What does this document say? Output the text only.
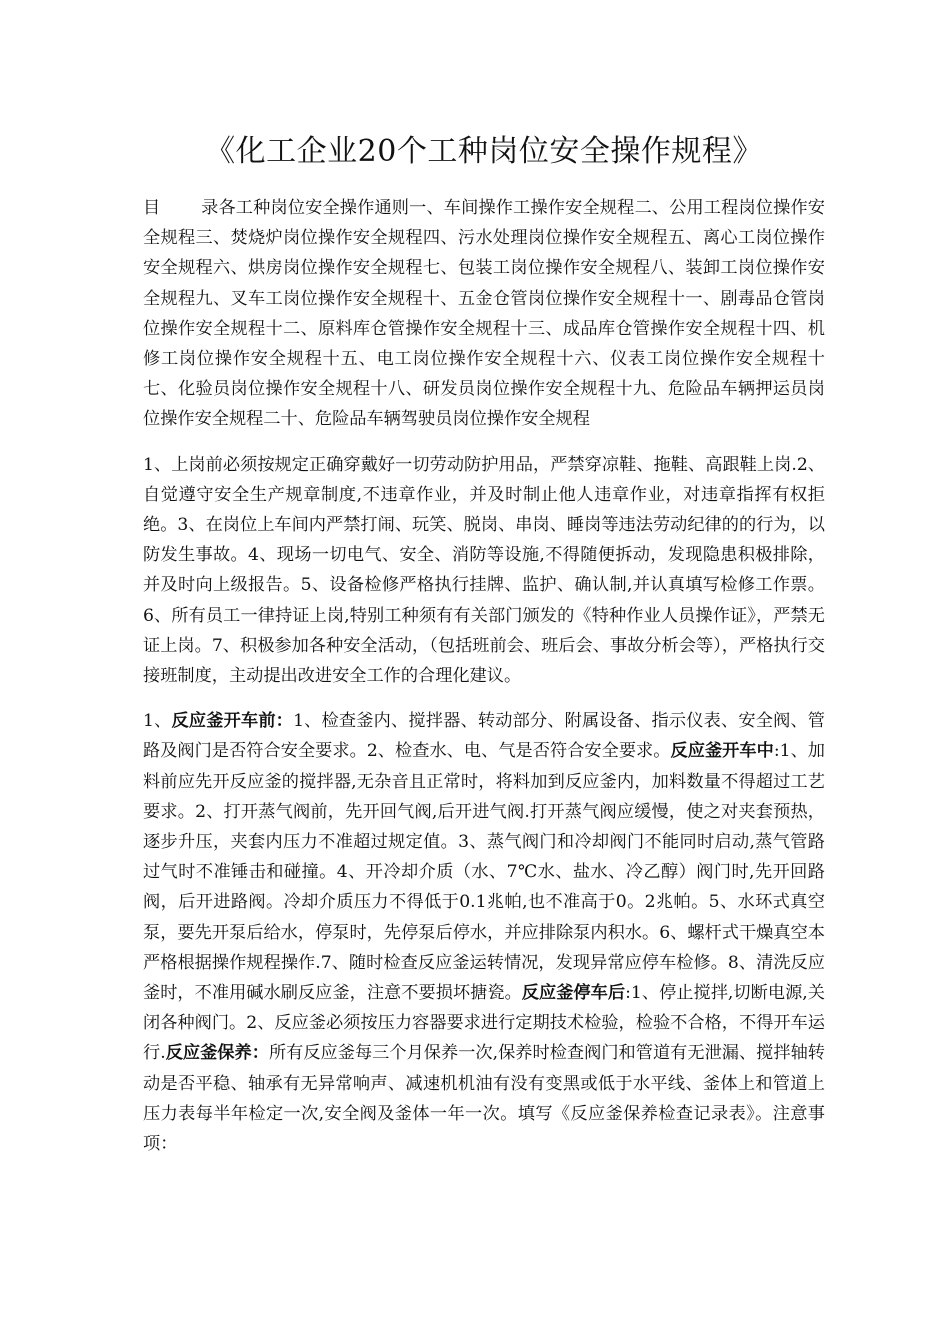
《化工企业20个工种岗位安全操作规程》

目 录各工种岗位安全操作通则一、车间操作工操作安全规程二、公用工程岗位操作安全规程三、焚烧炉岗位操作安全规程四、污水处理岗位操作安全规程五、离心工岗位操作安全规程六、烘房岗位操作安全规程七、包装工岗位操作安全规程八、装卸工岗位操作安全规程九、叉车工岗位操作安全规程十、五金仓管岗位操作安全规程十一、剧毒品仓管岗位操作安全规程十二、原料库仓管操作安全规程十三、成品库仓管操作安全规程十四、机修工岗位操作安全规程十五、电工岗位操作安全规程十六、仪表工岗位操作安全规程十七、化验员岗位操作安全规程十八、研发员岗位操作安全规程十九、危险品车辆押运员岗位操作安全规程二十、危险品车辆驾驶员岗位操作安全规程

1、上岗前必须按规定正确穿戴好一切劳动防护用品，严禁穿凉鞋、拖鞋、高跟鞋上岗.2、自觉遵守安全生产规章制度,不违章作业，并及时制止他人违章作业，对违章指挥有权拒绝。3、在岗位上车间内严禁打闹、玩笑、脱岗、串岗、睡岗等违法劳动纪律的的行为，以防发生事故。4、现场一切电气、安全、消防等设施,不得随便拆动，发现隐患积极排除，并及时向上级报告。5、设备检修严格执行挂牌、监护、确认制,并认真填写检修工作票。6、所有员工一律持证上岗,特别工种须有有关部门颁发的《特种作业人员操作证》，严禁无证上岗。7、积极参加各种安全活动，（包括班前会、班后会、事故分析会等），严格执行交接班制度，主动提出改进安全工作的合理化建议。

1、反应釜开车前：1、检查釜内、搅拌器、转动部分、附属设备、指示仪表、安全阀、管路及阀门是否符合安全要求。2、检查水、电、气是否符合安全要求。反应釜开车中:1、加料前应先开反应釜的搅拌器,无杂音且正常时，将料加到反应釜内，加料数量不得超过工艺要求。2、打开蒸气阀前，先开回气阀,后开进气阀.打开蒸气阀应缓慢，使之对夹套预热，逐步升压，夹套内压力不准超过规定值。3、蒸气阀门和冷却阀门不能同时启动,蒸气管路过气时不准锤击和碰撞。4、开冷却介质（水、7℃水、盐水、冷乙醇）阀门时,先开回路阀，后开进路阀。冷却介质压力不得低于0.1兆帕,也不准高于0。2兆帕。5、水环式真空泵，要先开泵后给水，停泵时，先停泵后停水，并应排除泵内积水。6、螺杆式干燥真空本严格根据操作规程操作.7、随时检查反应釜运转情况，发现异常应停车检修。8、清洗反应釜时，不准用碱水刷反应釜，注意不要损坏搪瓷。反应釜停车后:1、停止搅拌,切断电源,关闭各种阀门。2、反应釜必须按压力容器要求进行定期技术检验，检验不合格，不得开车运行.反应釜保养：所有反应釜每三个月保养一次,保养时检查阀门和管道有无泄漏、搅拌轴转动是否平稳、轴承有无异常响声、减速机机油有没有变黑或低于水平线、釜体上和管道上压力表每半年检定一次,安全阀及釜体一年一次。填写《反应釜保养检查记录表》。注意事项：
